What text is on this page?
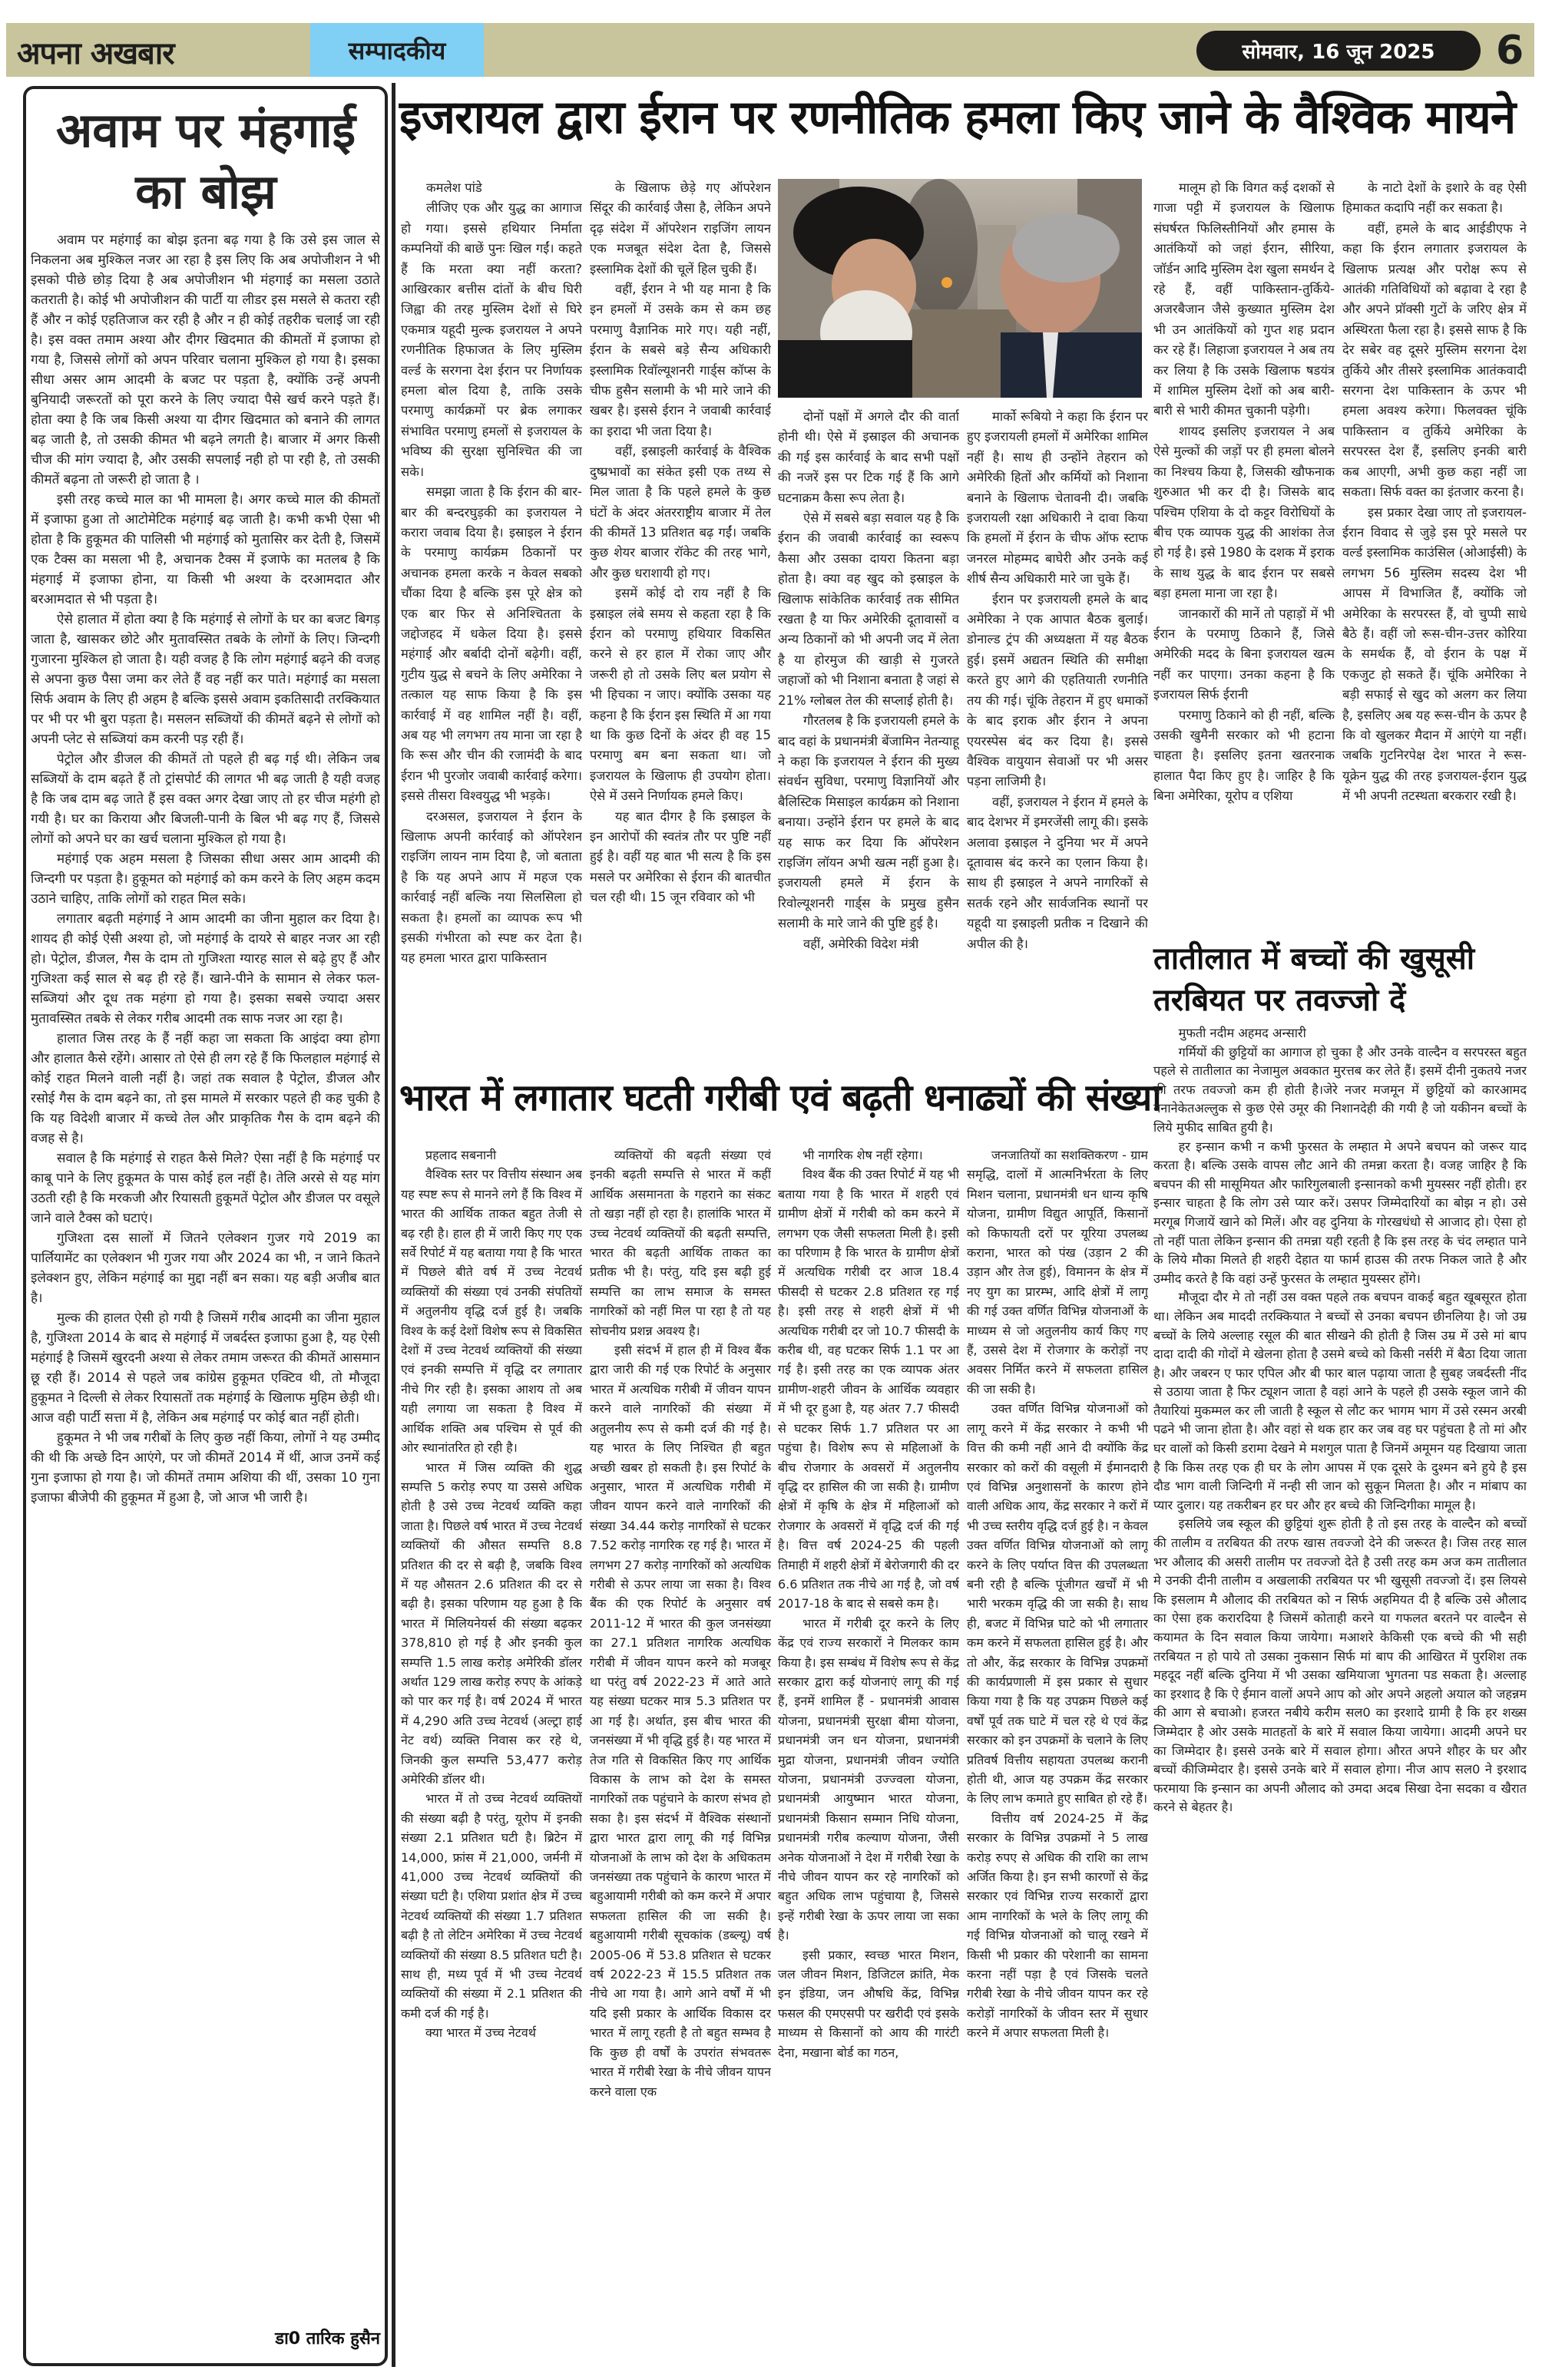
अपना अखबार	सम्पादकीय	सोमवार, 16 जून 2025	6
अवाम पर मंहगाई का बोझ

अवाम पर महंगाई का बोझ इतना बढ़ गया है कि उसे इस जाल से निकलना अब मुश्किल नजर आ रहा है इस लिए कि अब अपोजीशन ने भी इसको पीछे छोड़ दिया है अब अपोजीशन भी मंहगाई का मसला उठाते कतराती है। कोई भी अपोजीशन की पार्टी या लीडर इस मसले से कतरा रही हैं और न कोई एहतिजाज कर रही है और न ही कोई तहरीक चलाई जा रही है। इस वक्त तमाम अश्या और दीगर खिदमात की कीमतों में इजाफा हो गया है, जिससे लोगों को अपन परिवार चलाना मुश्किल हो गया है। इसका सीधा असर आम आदमी के बजट पर पड़ता है, क्योंकि उन्हें अपनी बुनियादी जरूरतों को पूरा करने के लिए ज्यादा पैसे खर्च करने पड़ते हैं। होता क्या है कि जब किसी अश्या या दीगर खिदमात को बनाने की लागत बढ़ जाती है, तो उसकी कीमत भी बढ़ने लगती है। बाजार में अगर किसी चीज की मांग ज्यादा है, और उसकी सपलाई नही हो पा रही है, तो उसकी कीमतें बढ़ना तो जरूरी हो जाता है ।

इसी तरह कच्चे माल का भी मामला है। अगर कच्चे माल की कीमतों में इजाफा हुआ तो आटोमेटिक महंगाई बढ़ जाती है। कभी कभी ऐसा भी होता है कि हुकूमत की पालिसी भी महंगाई को मुतासिर कर देती है, जिसमें एक टैक्स का मसला भी है, अचानक टैक्स में इजाफे का मतलब है कि मंहगाई में इजाफा होना, या किसी भी अश्या के दरआमदात और बरआमदात से भी पड़ता है।

ऐसे हालात में होता क्या है कि महंगाई से लोगों के घर का बजट बिगड़ जाता है, खासकर छोटे और मुतावस्सित तबके के लोगों के लिए। जिन्दगी गुजारना मुश्किल हो जाता है। यही वजह है कि लोग महंगाई बढ़ने की वजह से अपना कुछ पैसा जमा कर लेते हैं वह नहीं कर पाते। महंगाई का मसला सिर्फ अवाम के लिए ही अहम है बल्कि इससे अवाम इकतिसादी तरक्कियात पर भी पर भी बुरा पड़ता है। मसलन सब्जियों की कीमतें बढ़ने से लोगों को अपनी प्लेट से सब्जियां कम करनी पड़ रही हैं।

पेट्रोल और डीजल की कीमतें तो पहले ही बढ़ गई थी। लेकिन जब सब्जियों के दाम बढ़ते हैं तो ट्रांसपोर्ट की लागत भी बढ़ जाती है यही वजह है कि जब दाम बढ़ जाते हैं इस वक्त अगर देखा जाए तो हर चीज महंगी हो गयी है। घर का किराया और बिजली-पानी के बिल भी बढ़ गए हैं, जिससे लोगों को अपने घर का खर्च चलाना मुश्किल हो गया है।

महंगाई एक अहम मसला है जिसका सीधा असर आम आदमी की जिन्दगी पर पड़ता है। हुकूमत को महंगाई को कम करने के लिए अहम कदम उठाने चाहिए, ताकि लोगों को राहत मिल सके।

लगातार बढ़ती महंगाई ने आम आदमी का जीना मुहाल कर दिया है। शायद ही कोई ऐसी अश्या हो, जो महंगाई के दायरे से बाहर नजर आ रही हो। पेट्रोल, डीजल, गैस के दाम तो गुजिश्ता ग्यारह साल से बढ़े हुए हैं और गुजिश्ता कई साल से बढ़ ही रहे हैं। खाने-पीने के सामान से लेकर फल-सब्जियां और दूध तक महंगा हो गया है। इसका सबसे ज्यादा असर मुतावस्सित तबके से लेकर गरीब आदमी तक साफ नजर आ रहा है।

हालात जिस तरह के हैं नहीं कहा जा सकता कि आइंदा क्या होगा और हालात कैसे रहेंगे। आसार तो ऐसे ही लग रहे हैं कि फिलहाल महंगाई से कोई राहत मिलने वाली नहीं है। जहां तक सवाल है पेट्रोल, डीजल और रसोई गैस के दाम बढ़ने का, तो इस मामले में सरकार पहले ही कह चुकी है कि यह विदेशी बाजार में कच्चे तेल और प्राकृतिक गैस के दाम बढ़ने की वजह से है।

सवाल है कि महंगाई से राहत कैसे मिले? ऐसा नहीं है कि महंगाई पर काबू पाने के लिए हुकूमत के पास कोई हल नहीं है। तेलि अरसे से यह मांग उठती रही है कि मरकजी और रियासती हुकूमतें पेट्रोल और डीजल पर वसूले जाने वाले टैक्स को घटाएं।

गुजिश्ता दस सालों में जितने एलेक्शन गुजर गये 2019 का पार्लियामेंट का एलेक्शन भी गुजर गया और 2024 का भी, न जाने कितने इलेक्शन हुए, लेकिन महंगाई का मुद्दा नहीं बन सका। यह बड़ी अजीब बात है।

मुल्क की हालत ऐसी हो गयी है जिसमें गरीब आदमी का जीना मुहाल है, गुजिश्ता 2014 के बाद से महंगाई में जबर्दस्त इजाफा हुआ है, यह ऐसी महंगाई है जिसमें खुरदनी अश्या से लेकर तमाम जरूरत की कीमतें आसमान छू रही हैं। 2014 से पहले जब कांग्रेस हुकूमत एक्टिव थी, तो मौजूदा हुकूमत ने दिल्ली से लेकर रियासतों तक महंगाई के खिलाफ मुहिम छेड़ी थी। आज वही पार्टी सत्ता में है, लेकिन अब महंगाई पर कोई बात नहीं होती।

हुकूमत ने भी जब गरीबों के लिए कुछ नहीं किया, लोगों ने यह उम्मीद की थी कि अच्छे दिन आएंगे, पर जो कीमतें 2014 में थीं, आज उनमें कई गुना इजाफा हो गया है। जो कीमतें तमाम अशिया की थीं, उसका 10 गुना इजाफा बीजेपी की हुकूमत में हुआ है, जो आज भी जारी है।

डा0 तारिक हुसैन
इजरायल द्वारा ईरान पर रणनीतिक हमला किए जाने के वैश्विक मायने

कमलेश पांडे

लीजिए एक और युद्ध का आगाज हो गया। इससे हथियार निर्माता कम्पनियों की बाछें पुनः खिल गईं। कहते हैं कि मरता क्या नहीं करता? आखिरकार बत्तीस दांतों के बीच घिरी जिह्वा की तरह मुस्लिम देशों से घिरे एकमात्र यहूदी मुल्क इजरायल ने अपने रणनीतिक हिफाजत के लिए मुस्लिम वर्ल्ड के सरगना देश ईरान पर निर्णायक हमला बोल दिया है, ताकि उसके परमाणु कार्यक्रमों पर ब्रेक लगाकर संभावित परमाणु हमलों से इजरायल के भविष्य की सुरक्षा सुनिश्चित की जा सके।

समझा जाता है कि ईरान की बार-बार की बन्दरघुड़की का इजरायल ने करारा जवाब दिया है। इस्राइल ने ईरान के परमाणु कार्यक्रम ठिकानों पर अचानक हमला करके न केवल सबको चौंका दिया है बल्कि इस पूरे क्षेत्र को एक बार फिर से अनिश्चितता के जद्दोजहद में धकेल दिया है। इससे महंगाई और बर्बादी दोनों बढ़ेगी। वहीं, गुटीय युद्ध से बचने के लिए अमेरिका ने तत्काल यह साफ किया है कि इस कार्रवाई में वह शामिल नहीं है। वहीं, अब यह भी लगभग तय माना जा रहा है कि रूस और चीन की रजामंदी के बाद ईरान भी पुरजोर जवाबी कार्रवाई करेगा। इससे तीसरा विश्वयुद्ध भी भड़के।

दरअसल, इजरायल ने ईरान के खिलाफ अपनी कार्रवाई को ऑपरेशन राइजिंग लायन नाम दिया है, जो बताता है कि यह अपने आप में महज एक कार्रवाई नहीं बल्कि नया सिलसिला हो सकता है। हमलों का व्यापक रूप भी इसकी गंभीरता को स्पष्ट कर देता है। यह हमला भारत द्वारा पाकिस्तान

के खिलाफ छेड़े गए ऑपरेशन सिंदूर की कार्रवाई जैसा है, लेकिन अपने दृढ़ संदेश में ऑपरेशन राइजिंग लायन एक मजबूत संदेश देता है, जिससे इस्लामिक देशों की चूलें हिल चुकी हैं।

वहीं, ईरान ने भी यह माना है कि इन हमलों में उसके कम से कम छह परमाणु वैज्ञानिक मारे गए। यही नहीं, ईरान के सबसे बड़े सैन्य अधिकारी इस्लामिक रिवॉल्यूशनरी गार्ड्स कॉप्स के चीफ हुसैन सलामी के भी मारे जाने की खबर है। इससे ईरान ने जवाबी कार्रवाई का इरादा भी जता दिया है।

वहीं, इस्राइली कार्रवाई के वैश्विक दुष्प्रभावों का संकेत इसी एक तथ्य से मिल जाता है कि पहले हमले के कुछ घंटों के अंदर अंतरराष्ट्रीय बाजार में तेल की कीमतें 13 प्रतिशत बढ़ गईं। जबकि कुछ शेयर बाजार रॉकेट की तरह भागे, और कुछ धराशायी हो गए।

इसमें कोई दो राय नहीं है कि इस्राइल लंबे समय से कहता रहा है कि ईरान को परमाणु हथियार विकसित करने से हर हाल में रोका जाए और जरूरी हो तो उसके लिए बल प्रयोग से भी हिचका न जाए। क्योंकि उसका यह कहना है कि ईरान इस स्थिति में आ गया था कि कुछ दिनों के अंदर ही वह 15 परमाणु बम बना सकता था। जो इजरायल के खिलाफ ही उपयोग होता। ऐसे में उसने निर्णायक हमले किए।

यह बात दीगर है कि इस्राइल के इन आरोपों की स्वतंत्र तौर पर पुष्टि नहीं हुई है। वहीं यह बात भी सत्य है कि इस मसले पर अमेरिका से ईरान की बातचीत चल रही थी। 15 जून रविवार को भी

दोनों पक्षों में अगले दौर की वार्ता होनी थी। ऐसे में इस्राइल की अचानक की गई इस कार्रवाई के बाद सभी पक्षों की नजरें इस पर टिक गई हैं कि आगे घटनाक्रम कैसा रूप लेता है।

ऐसे में सबसे बड़ा सवाल यह है कि ईरान की जवाबी कार्रवाई का स्वरूप कैसा और उसका दायरा कितना बड़ा होता है। क्या वह खुद को इस्राइल के खिलाफ सांकेतिक कार्रवाई तक सीमित रखता है या फिर अमेरिकी दूतावासों व अन्य ठिकानों को भी अपनी जद में लेता है या होरमुज की खाड़ी से गुजरते जहाजों को भी निशाना बनाता है जहां से 21% ग्लोबल तेल की सप्लाई होती है।

गौरतलब है कि इजरायली हमले के बाद वहां के प्रधानमंत्री बेंजामिन नेतन्याहू ने कहा कि इजरायल ने ईरान की मुख्य संवर्धन सुविधा, परमाणु विज्ञानियों और बैलिस्टिक मिसाइल कार्यक्रम को निशाना बनाया। उन्होंने ईरान पर हमले के बाद यह साफ कर दिया कि ऑपरेशन राइजिंग लॉयन अभी खत्म नहीं हुआ है। इजरायली हमले में ईरान के रिवोल्यूशनरी गार्ड्स के प्रमुख हुसैन सलामी के मारे जाने की पुष्टि हुई है।

वहीं, अमेरिकी विदेश मंत्री

मार्को रूबियो ने कहा कि ईरान पर हुए इजरायली हमलों में अमेरिका शामिल नहीं है। साथ ही उन्होंने तेहरान को अमेरिकी हितों और कर्मियों को निशाना बनाने के खिलाफ चेतावनी दी। जबकि इजरायली रक्षा अधिकारी ने दावा किया कि हमलों में ईरान के चीफ ऑफ स्टाफ जनरल मोहम्मद बाघेरी और उनके कई शीर्ष सैन्य अधिकारी मारे जा चुके हैं।

ईरान पर इजरायली हमले के बाद अमेरिका ने एक आपात बैठक बुलाई। डोनाल्ड ट्रंप की अध्यक्षता में यह बैठक हुई। इसमें अद्यतन स्थिति की समीक्षा करते हुए आगे की एहतियाती रणनीति तय की गई। चूंकि तेहरान में हुए धमाकों के बाद इराक और ईरान ने अपना एयरस्पेस बंद कर दिया है। इससे वैश्विक वायुयान सेवाओं पर भी असर पड़ना लाजिमी है।

वहीं, इजरायल ने ईरान में हमले के बाद देशभर में इमरजेंसी लागू की। इसके अलावा इस्राइल ने दुनिया भर में अपने दूतावास बंद करने का एलान किया है। साथ ही इस्राइल ने अपने नागरिकों से सतर्क रहने और सार्वजनिक स्थानों पर यहूदी या इस्राइली प्रतीक न दिखाने की अपील की है।

मालूम हो कि विगत कई दशकों से गाजा पट्टी में इजरायल के खिलाफ संघर्षरत फिलिस्तीनियों और हमास के आतंकियों को जहां ईरान, सीरिया, जॉर्डन आदि मुस्लिम देश खुला समर्थन दे रहे हैं, वहीं पाकिस्तान-तुर्किये-अजरबैजान जैसे कुख्यात मुस्लिम देश भी उन आतंकियों को गुप्त शह प्रदान कर रहे हैं। लिहाजा इजरायल ने अब तय कर लिया है कि उसके खिलाफ षडयंत्र में शामिल मुस्लिम देशों को अब बारी-बारी से भारी कीमत चुकानी पड़ेगी।

शायद इसलिए इजरायल ने अब ऐसे मुल्कों की जड़ों पर ही हमला बोलने का निश्चय किया है, जिसकी खौफनाक शुरुआत भी कर दी है। जिसके बाद पश्चिम एशिया के दो कट्टर विरोधियों के बीच एक व्यापक युद्ध की आशंका तेज हो गई है। इसे 1980 के दशक में इराक के साथ युद्ध के बाद ईरान पर सबसे बड़ा हमला माना जा रहा है।

जानकारों की मानें तो पहाड़ों में भी ईरान के परमाणु ठिकाने हैं, जिसे अमेरिकी मदद के बिना इजरायल खत्म नहीं कर पाएगा। उनका कहना है कि इजरायल सिर्फ ईरानी

परमाणु ठिकाने को ही नहीं, बल्कि उसकी खुमैनी सरकार को भी हटाना चाहता है। इसलिए इतना खतरनाक हालात पैदा किए हुए है। जाहिर है कि बिना अमेरिका, यूरोप व एशिया

के नाटो देशों के इशारे के वह ऐसी हिमाकत कदापि नहीं कर सकता है।

वहीं, हमले के बाद आईडीएफ ने कहा कि ईरान लगातार इजरायल के खिलाफ प्रत्यक्ष और परोक्ष रूप से आतंकी गतिविधियों को बढ़ावा दे रहा है और अपने प्रॉक्सी गुटों के जरिए क्षेत्र में अस्थिरता फैला रहा है। इससे साफ है कि देर सबेर वह दूसरे मुस्लिम सरगना देश तुर्किये और तीसरे इस्लामिक आतंकवादी सरगना देश पाकिस्तान के ऊपर भी हमला अवश्य करेगा। फिलवक्त चूंकि पाकिस्तान व तुर्किये अमेरिका के सरपरस्त देश हैं, इसलिए इनकी बारी कब आएगी, अभी कुछ कहा नहीं जा सकता। सिर्फ वक्त का इंतजार करना है।

इस प्रकार देखा जाए तो इजरायल-ईरान विवाद से जुड़े इस पूरे मसले पर वर्ल्ड इस्लामिक काउंसिल (ओआईसी) के लगभग 56 मुस्लिम सदस्य देश भी आपस में विभाजित हैं, क्योंकि जो अमेरिका के सरपरस्त हैं, वो चुप्पी साधे बैठे हैं। वहीं जो रूस-चीन-उत्तर कोरिया के समर्थक हैं, वो ईरान के पक्ष में एकजुट हो सकते हैं। चूंकि अमेरिका ने बड़ी सफाई से खुद को अलग कर लिया है, इसलिए अब यह रूस-चीन के ऊपर है कि वो खुलकर मैदान में आएंगे या नहीं। जबकि गुटनिरपेक्ष देश भारत ने रूस-यूक्रेन युद्ध की तरह इजरायल-ईरान युद्ध में भी अपनी तटस्थता बरकरार रखी है।

भारत में लगातार घटती गरीबी एवं बढ़ती धनाढ्यों की संख्या

प्रहलाद सबनानी

वैश्विक स्तर पर वित्तीय संस्थान अब यह स्पष्ट रूप से मानने लगे हैं कि विश्व में भारत की आर्थिक ताकत बहुत तेजी से बढ़ रही है। हाल ही में जारी किए गए एक सर्वे रिपोर्ट में यह बताया गया है कि भारत में पिछले बीते वर्ष में उच्च नेटवर्थ व्यक्तियों की संख्या एवं उनकी संपतियों में अतुलनीय वृद्धि दर्ज हुई है। जबकि विश्व के कई देशों विशेष रूप से विकसित देशों में उच्च नेटवर्थ व्यक्तियों की संख्या एवं इनकी सम्पत्ति में वृद्धि दर लगातार नीचे गिर रही है। इसका आशय तो अब यही लगाया जा सकता है विश्व में आर्थिक शक्ति अब पश्चिम से पूर्व की ओर स्थानांतरित हो रही है।

भारत में जिस व्यक्ति की शुद्ध सम्पत्ति 5 करोड़ रुपए या उससे अधिक होती है उसे उच्च नेटवर्थ व्यक्ति कहा जाता है। पिछले वर्ष भारत में उच्च नेटवर्थ व्यक्तियों की औसत सम्पत्ति 8.8 प्रतिशत की दर से बढ़ी है, जबकि विश्व में यह औसतन 2.6 प्रतिशत की दर से बढ़ी है। इसका परिणाम यह हुआ है कि भारत में मिलियनेयर्स की संख्या बढ़कर 378,810 हो गई है और इनकी कुल सम्पत्ति 1.5 लाख करोड़ अमेरिकी डॉलर अर्थात 129 लाख करोड़ रुपए के आंकड़े को पार कर गई है। वर्ष 2024 में भारत में 4,290 अति उच्च नेटवर्थ (अल्ट्रा हाई नेट वर्थ) व्यक्ति निवास कर रहे थे, जिनकी कुल सम्पत्ति 53,477 करोड़ अमेरिकी डॉलर थी।

भारत में तो उच्च नेटवर्थ व्यक्तियों की संख्या बढ़ी है परंतु, यूरोप में इनकी संख्या 2.1 प्रतिशत घटी है। ब्रिटेन में 14,000, फ्रांस में 21,000, जर्मनी में 41,000 उच्च नेटवर्थ व्यक्तियों की संख्या घटी है। एशिया प्रशांत क्षेत्र में उच्च नेटवर्थ व्यक्तियों की संख्या 1.7 प्रतिशत बढ़ी है तो लेटिन अमेरिका में उच्च नेटवर्थ व्यक्तियों की संख्या 8.5 प्रतिशत घटी है। साथ ही, मध्य पूर्व में भी उच्च नेटवर्थ व्यक्तियों की संख्या में 2.1 प्रतिशत की कमी दर्ज की गई है।

क्या भारत में उच्च नेटवर्थ

व्यक्तियों की बढ़ती संख्या एवं इनकी बढ़ती सम्पत्ति से भारत में कहीं आर्थिक असमानता के गहराने का संकट तो खड़ा नहीं हो रहा है। हालांकि भारत में उच्च नेटवर्थ व्यक्तियों की बढ़ती सम्पत्ति, भारत की बढ़ती आर्थिक ताकत का प्रतीक भी है। परंतु, यदि इस बढ़ी हुई सम्पत्ति का लाभ समाज के समस्त नागरिकों को नहीं मिल पा रहा है तो यह सोचनीय प्रशन्न अवश्य है।

इसी संदर्भ में हाल ही में विश्व बैंक द्वारा जारी की गई एक रिपोर्ट के अनुसार भारत में अत्यधिक गरीबी में जीवन यापन करने वाले नागरिकों की संख्या में अतुलनीय रूप से कमी दर्ज की गई है। यह भारत के लिए निश्चित ही बहुत अच्छी खबर हो सकती है। इस रिपोर्ट के अनुसार, भारत में अत्यधिक गरीबी में जीवन यापन करने वाले नागरिकों की संख्या 34.44 करोड़ नागरिकों से घटकर 7.52 करोड़ नागरिक रह गई है। भारत में लगभग 27 करोड़ नागरिकों को अत्यधिक गरीबी से ऊपर लाया जा सका है। विश्व बैंक की एक रिपोर्ट के अनुसार वर्ष 2011-12 में भारत की कुल जनसंख्या का 27.1 प्रतिशत नागरिक अत्यधिक गरीबी में जीवन यापन करने को मजबूर था परंतु वर्ष 2022-23 में आते आते यह संख्या घटकर मात्र 5.3 प्रतिशत पर आ गई है। अर्थात, इस बीच भारत की जनसंख्या में भी वृद्धि हुई है। यह भारत में तेज गति से विकसित किए गए आर्थिक विकास के लाभ को देश के समस्त नागरिकों तक पहुंचाने के कारण संभव हो सका है। इस संदर्भ में वैश्विक संस्थानों द्वारा भारत द्वारा लागू की गई विभिन्न योजनाओं के लाभ को देश के अधिकतम जनसंख्या तक पहुंचाने के कारण भारत में बहुआयामी गरीबी को कम करने में अपार सफलता हासिल की जा सकी है। बहुआयामी गरीबी सूचकांक (डब्ल्यू) वर्ष 2005-06 में 53.8 प्रतिशत से घटकर वर्ष 2022-23 में 15.5 प्रतिशत तक नीचे आ गया है। आगे आने वर्षों में भी यदि इसी प्रकार के आर्थिक विकास दर भारत में लागू रहती है तो बहुत सम्भव है कि कुछ ही वर्षों के उपरांत संभवतरू भारत में गरीबी रेखा के नीचे जीवन यापन करने वाला एक

भी नागरिक शेष नहीं रहेगा।

विश्व बैंक की उक्त रिपोर्ट में यह भी बताया गया है कि भारत में शहरी एवं ग्रामीण क्षेत्रों में गरीबी को कम करने में लगभग एक जैसी सफलता मिली है। इसी का परिणाम है कि भारत के ग्रामीण क्षेत्रों में अत्यधिक गरीबी दर आज 18.4 फीसदी से घटकर 2.8 प्रतिशत रह गई है। इसी तरह से शहरी क्षेत्रों में भी अत्यधिक गरीबी दर जो 10.7 फीसदी के करीब थी, वह घटकर सिर्फ 1.1 पर आ गई है। इसी तरह का एक व्यापक अंतर ग्रामीण-शहरी जीवन के आर्थिक व्यवहार में भी दूर हुआ है, यह अंतर 7.7 फीसदी से घटकर सिर्फ 1.7 प्रतिशत पर आ पहुंचा है। विशेष रूप से महिलाओं के बीच रोजगार के अवसरों में अतुलनीय वृद्धि दर हासिल की जा सकी है। ग्रामीण क्षेत्रों में कृषि के क्षेत्र में महिलाओं को रोजगार के अवसरों में वृद्धि दर्ज की गई है। वित्त वर्ष 2024-25 की पहली तिमाही में शहरी क्षेत्रों में बेरोजगारी की दर 6.6 प्रतिशत तक नीचे आ गई है, जो वर्ष 2017-18 के बाद से सबसे कम है।

भारत में गरीबी दूर करने के लिए केंद्र एवं राज्य सरकारों ने मिलकर काम किया है। इस सम्बंध में विशेष रूप से केंद्र सरकार द्वारा कई योजनाएं लागू की गई हैं, इनमें शामिल हैं - प्रधानमंत्री आवास योजना, प्रधानमंत्री सुरक्षा बीमा योजना, प्रधानमंत्री जन धन योजना, प्रधानमंत्री मुद्रा योजना, प्रधानमंत्री जीवन ज्योति योजना, प्रधानमंत्री उज्ज्वला योजना, प्रधानमंत्री आयुष्मान भारत योजना, प्रधानमंत्री किसान सम्मान निधि योजना, प्रधानमंत्री गरीब कल्याण योजना, जैसी अनेक योजनाओं ने देश में गरीबी रेखा के नीचे जीवन यापन कर रहे नागरिकों को बहुत अधिक लाभ पहुंचाया है, जिससे इन्हें गरीबी रेखा के ऊपर लाया जा सका है।

इसी प्रकार, स्वच्छ भारत मिशन, जल जीवन मिशन, डिजिटल क्रांति, मेक इन इंडिया, जन औषधि केंद्र, विभिन्न फसल की एमएसपी पर खरीदी एवं इसके माध्यम से किसानों को आय की गारंटी देना, मखाना बोर्ड का गठन,

जनजातियों का सशक्तिकरण - ग्राम समृद्धि, दालों में आत्मनिर्भरता के लिए मिशन चलाना, प्रधानमंत्री धन धान्य कृषि योजना, ग्रामीण विद्युत आपूर्ति, किसानों को किफायती दरों पर यूरिया उपलब्ध कराना, भारत को पंख (उड़ान 2 की उड़ान और तेज हुई), विमानन के क्षेत्र में नए युग का प्रारम्भ, आदि क्षेत्रों में लागू की गई उक्त वर्णित विभिन्न योजनाओं के माध्यम से जो अतुलनीय कार्य किए गए हैं, उससे देश में रोजगार के करोड़ों नए अवसर निर्मित करने में सफलता हासिल की जा सकी है।

उक्त वर्णित विभिन्न योजनाओं को लागू करने में केंद्र सरकार ने कभी भी वित्त की कमी नहीं आने दी क्योंकि केंद्र सरकार को करों की वसूली में ईमानदारी एवं विभिन्न अनुशासनों के कारण होने वाली अधिक आय, केंद्र सरकार ने करों में भी उच्च स्तरीय वृद्धि दर्ज हुई है। न केवल उक्त वर्णित विभिन्न योजनाओं को लागू करने के लिए पर्याप्त वित्त की उपलब्धता बनी रही है बल्कि पूंजीगत खर्चों में भी भारी भरकम वृद्धि की जा सकी है। साथ ही, बजट में विभिन्न घाटे को भी लगातार कम करने में सफलता हासिल हुई है। और तो और, केंद्र सरकार के विभिन्न उपक्रमों की कार्यप्रणाली में इस प्रकार से सुधार किया गया है कि यह उपक्रम पिछले कई वर्षों पूर्व तक घाटे में चल रहे थे एवं केंद्र सरकार को इन उपक्रमों के चलाने के लिए प्रतिवर्ष वित्तीय सहायता उपलब्ध करानी होती थी, आज यह उपक्रम केंद्र सरकार के लिए लाभ कमाते हुए साबित हो रहे हैं।

वित्तीय वर्ष 2024-25 में केंद्र सरकार के विभिन्न उपक्रमों ने 5 लाख करोड़ रुपए से अधिक की राशि का लाभ अर्जित किया है। इन सभी कारणों से केंद्र सरकार एवं विभिन्न राज्य सरकारों द्वारा आम नागरिकों के भले के लिए लागू की गई विभिन्न योजनाओं को चालू रखने में किसी भी प्रकार की परेशानी का सामना करना नहीं पड़ा है एवं जिसके चलते गरीबी रेखा के नीचे जीवन यापन कर रहे करोड़ों नागरिकों के जीवन स्तर में सुधार करने में अपार सफलता मिली है।

तातीलात में बच्चों की खुसूसी तरबियत पर तवज्जो दें

मुफती नदीम अहमद अन्सारी

गर्मियों की छुट्टियों का आगाज हो चुका है और उनके वाल्दैन व सरपरस्त बहुत पहले से तातीलात का नेजामुल अवकात मुरत्तब कर लेते हैं। इसमें दीनी नुकतये नजर की तरफ तवज्जो कम ही होती है।जेरे नजर मजमून में छुट्टियों को कारआमद बनानेकेतअल्लुक से कुछ ऐसे उमूर की निशानदेही की गयी है जो यकीनन बच्चों के लिये मुफीद साबित हुयी है।

हर इन्सान कभी न कभी फुरसत के लम्हात मे अपने बचपन को जरूर याद करता है। बल्कि उसके वापस लौट आने की तमन्ना करता है। वजह जाहिर है कि बचपन की सी मासूमियत और फारिगुलबाली इन्सानको कभी मुयस्सर नहीं होती। हर इन्सार चाहता है कि लोग उसे प्यार करें। उसपर जिम्मेदारियों का बोझ न हो। उसे मरगूब गिजायें खाने को मिलें। और वह दुनिया के गोरखधंधो से आजाद हो। ऐसा हो तो नहीं पाता लेकिन इन्सान की तमन्ना यही रहती है कि इस तरह के चंद लम्हात पाने के लिये मौका मिलते ही शहरी देहात या फार्म हाउस की तरफ निकल जाते है और उम्मीद करते है कि वहां उन्हें फुरसत के लम्हात मुयस्सर होंगे।

मौजूदा दौर मे तो नहीं उस वक्त पहले तक बचपन वाकई बहुत खूबसूरत होता था। लेकिन अब माददी तरक्कियात ने बच्चों से उनका बचपन छीनलिया है। जो उम्र बच्चों के लिये अल्लाह रसूल की बात सीखने की होती है जिस उम्र में उसे मां बाप दादा दादी की गोदों मे खेलना होता है उसमे बच्चे को किसी नर्सरी में बैठा दिया जाता है। और जबरन ए फार एपिल और बी फार बाल पढ़ाया जाता है सुबह जबर्दस्ती नींद से उठाया जाता है फिर ट्यूशन जाता है वहां आने के पहले ही उसके स्कूल जाने की तैयारियां मुकम्मल कर ली जाती है स्कूल से लौट कर भागम भाग में उसे रस्मन अरबी पढने भी जाना होता है। और वहां से थक हार कर जब वह घर पहुंचता है तो मां और घर वालों को किसी डरामा देखने मे मशगुल पाता है जिनमें अमूमन यह दिखाया जाता है कि किस तरह एक ही घर के लोग आपस में एक दूसरे के दुश्मन बने हुये है इस दौड भाग वाली जिन्दिगी में नन्ही सी जान को सुकून मिलता है। और न मांबाप का प्यार दुलार। यह तकरीबन हर घर और हर बच्चे की जिन्दिगीका मामूल है।

इसलिये जब स्कूल की छुट्टियां शुरू होती है तो इस तरह के वाल्दैन को बच्चों की तालीम व तरबियत की तरफ खास तवज्जो देने की जरूरत है। जिस तरह साल भर औलाद की असरी तालीम पर तवज्जो देते है उसी तरह कम अज कम तातीलात मे उनकी दीनी तालीम व अखलाकी तरबियत पर भी खुसूसी तवज्जो दें। इस लियसे कि इसलाम मै औलाद की तरबियत को न सिर्फ अहमियत दी है बल्कि उसे औलाद का ऐसा हक करारदिया है जिसमें कोताही करने या गफलत बरतने पर वाल्दैन से कयामत के दिन सवाल किया जायेगा। मआशरे केकिसी एक बच्चे की भी सही तरबियत न हो पाये तो उसका नुकसान सिर्फ मां बाप की आखिरत में पुरशिश तक महदूद नहीं बल्कि दुनिया में भी उसका खमियाजा भुगतना पड सकता है। अल्लाह का इरशाद है कि ऐ ईमान वालों अपने आप को ओर अपने अहलो अयाल को जहन्नम की आग से बचाओ। हजरत नबीये करीम सल0 का इरशादे ग्रामी है कि हर शख्स जिम्मेदार है ओर उसके मातहतों के बारे में सवाल किया जायेगा। आदमी अपने घर का जिम्मेदार है। इससे उनके बारे में सवाल होगा। औरत अपने शौहर के घर और बच्चों कीजिम्मेदार है। इससे उनके बारे में सवाल होगा। नीज आप सल0 ने इरशाद फरमाया कि इन्सान का अपनी औलाद को उमदा अदब सिखा देना सदका व खैरात करने से बेहतर है।
